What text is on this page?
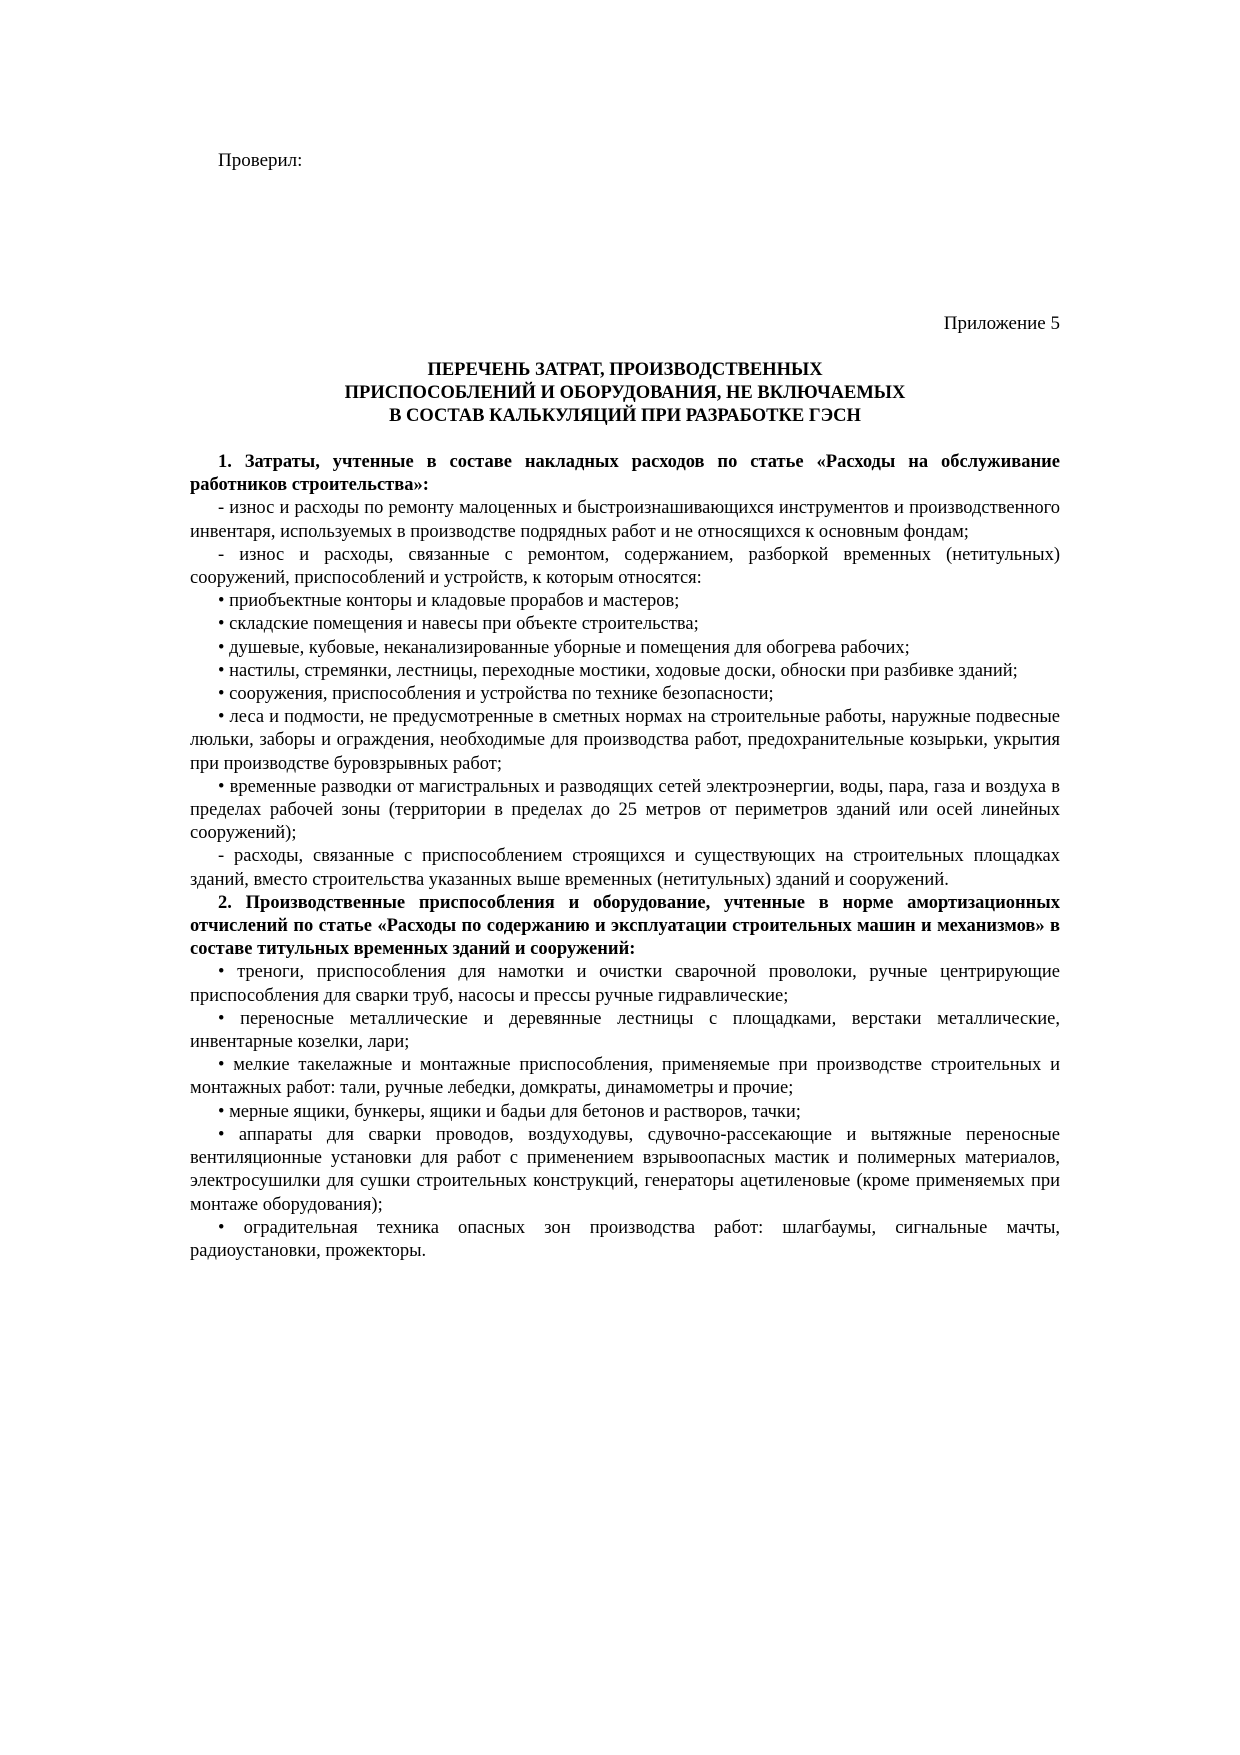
Проверил:
Приложение 5
ПЕРЕЧЕНЬ ЗАТРАТ, ПРОИЗВОДСТВЕННЫХ
ПРИСПОСОБЛЕНИЙ И ОБОРУДОВАНИЯ, НЕ ВКЛЮЧАЕМЫХ
В СОСТАВ КАЛЬКУЛЯЦИЙ ПРИ РАЗРАБОТКЕ ГЭСН

1. Затраты, учтенные в составе накладных расходов по статье «Расходы на обслуживание работников строительства»:

- износ и расходы по ремонту малоценных и быстроизнашивающихся инструментов и производственного инвентаря, используемых в производстве подрядных работ и не относящихся к основным фондам;

- износ и расходы, связанные с ремонтом, содержанием, разборкой временных (нетитульных) сооружений, приспособлений и устройств, к которым относятся:

• приобъектные конторы и кладовые прорабов и мастеров;

• складские помещения и навесы при объекте строительства;

• душевые, кубовые, неканализированные уборные и помещения для обогрева рабочих;

• настилы, стремянки, лестницы, переходные мостики, ходовые доски, обноски при разбивке зданий;

• сооружения, приспособления и устройства по технике безопасности;

• леса и подмости, не предусмотренные в сметных нормах на строительные работы, наружные подвесные люльки, заборы и ограждения, необходимые для производства работ, предохранительные козырьки, укрытия при производстве буровзрывных работ;

• временные разводки от магистральных и разводящих сетей электроэнергии, воды, пара, газа и воздуха в пределах рабочей зоны (территории в пределах до 25 метров от периметров зданий или осей линейных сооружений);

- расходы, связанные с приспособлением строящихся и существующих на строительных площадках зданий, вместо строительства указанных выше временных (нетитульных) зданий и сооружений.

2. Производственные приспособления и оборудование, учтенные в норме амортизационных отчислений по статье «Расходы по содержанию и эксплуатации строительных машин и механизмов» в составе титульных временных зданий и сооружений:

• треноги, приспособления для намотки и очистки сварочной проволоки, ручные центрирующие приспособления для сварки труб, насосы и прессы ручные гидравлические;

• переносные металлические и деревянные лестницы с площадками, верстаки металлические, инвентарные козелки, лари;

• мелкие такелажные и монтажные приспособления, применяемые при производстве строительных и монтажных работ: тали, ручные лебедки, домкраты, динамометры и прочие;

• мерные ящики, бункеры, ящики и бадьи для бетонов и растворов, тачки;

• аппараты для сварки проводов, воздуходувы, сдувочно-рассекающие и вытяжные переносные вентиляционные установки для работ с применением взрывоопасных мастик и полимерных материалов, электросушилки для сушки строительных конструкций, генераторы ацетиленовые (кроме применяемых при монтаже оборудования);

• оградительная техника опасных зон производства работ: шлагбаумы, сигнальные мачты, радиоустановки, прожекторы.
